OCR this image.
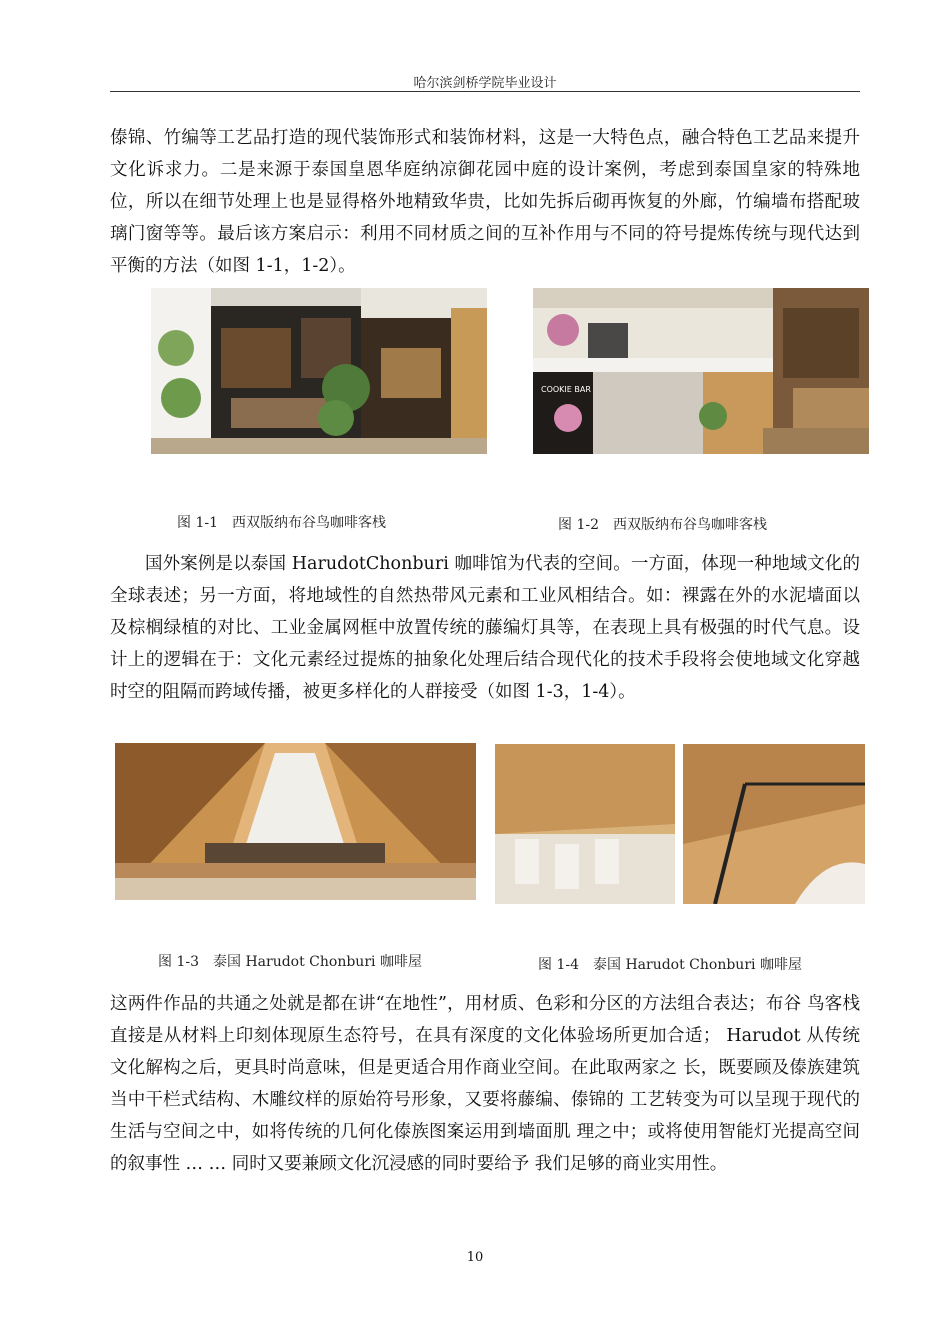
哈尔滨剑桥学院毕业设计
傣锦、竹编等工艺品打造的现代装饰形式和装饰材料，这是一大特色点，融合特色工艺品来提升文化诉求力。二是来源于泰国皇恩华庭纳凉御花园中庭的设计案例，考虑到泰国皇家的特殊地位，所以在细节处理上也是显得格外地精致华贵，比如先拆后砌再恢复的外廊，竹编墙布搭配玻璃门窗等等。最后该方案启示：利用不同材质之间的互补作用与不同的符号提炼传统与现代达到平衡的方法（如图 1-1，1-2）。
COOKIE BAR
图 1-1　西双版纳布谷鸟咖啡客栈	图 1-2　西双版纳布谷鸟咖啡客栈
国外案例是以泰国 HarudotChonburi 咖啡馆为代表的空间。一方面，体现一种地域文化的全球表述；另一方面，将地域性的自然热带风元素和工业风相结合。如：裸露在外的水泥墙面以及棕榈绿植的对比、工业金属网框中放置传统的藤编灯具等，在表现上具有极强的时代气息。设计上的逻辑在于：文化元素经过提炼的抽象化处理后结合现代化的技术手段将会使地域文化穿越时空的阻隔而跨域传播，被更多样化的人群接受（如图 1-3，1-4）。
图 1-3　泰国 Harudot Chonburi 咖啡屋	图 1-4　泰国 Harudot Chonburi 咖啡屋
这两件作品的共通之处就是都在讲“在地性”，用材质、色彩和分区的方法组合表达；布谷 鸟客栈直接是从材料上印刻体现原生态符号，在具有深度的文化体验场所更加合适； Harudot 从传统文化解构之后，更具时尚意味，但是更适合用作商业空间。在此取两家之 长，既要顾及傣族建筑当中干栏式结构、木雕纹样的原始符号形象，又要将藤编、傣锦的 工艺转变为可以呈现于现代的生活与空间之中，如将传统的几何化傣族图案运用到墙面肌 理之中；或将使用智能灯光提高空间的叙事性 … … 同时又要兼顾文化沉浸感的同时要给予 我们足够的商业实用性。
10
